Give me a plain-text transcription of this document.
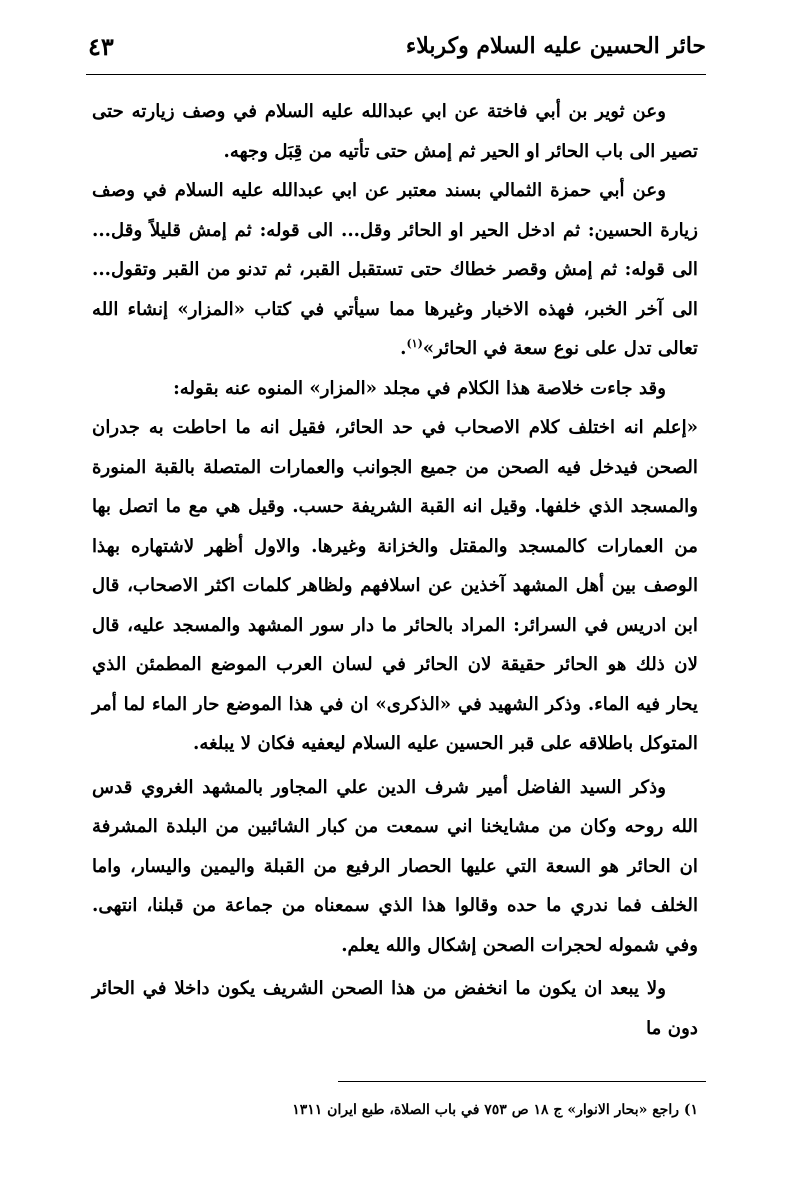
حائر الحسين عليه السلام وكربلاء
٤٣

وعن ثوير بن أبي فاختة عن ابي عبدالله عليه السلام في وصف زيارته حتى تصير الى باب الحائر او الحير ثم إمش حتى تأتيه من قِبَل وجهه.

وعن أبي حمزة الثمالي بسند معتبر عن ابي عبدالله عليه السلام في وصف زيارة الحسين: ثم ادخل الحير او الحائر وقل... الى قوله: ثم إمش قليلاً وقل... الى قوله: ثم إمش وقصر خطاك حتى تستقبل القبر، ثم تدنو من القبر وتقول... الى آخر الخبر، فهذه الاخبار وغيرها مما سيأتي في كتاب «المزار» إنشاء الله تعالى تدل على نوع سعة في الحائر»$^{(١)}$.

وقد جاءت خلاصة هذا الكلام في مجلد «المزار» المنوه عنه بقوله:

«إعلم انه اختلف كلام الاصحاب في حد الحائر، فقيل انه ما احاطت به جدران الصحن فيدخل فيه الصحن من جميع الجوانب والعمارات المتصلة بالقبة المنورة والمسجد الذي خلفها. وقيل انه القبة الشريفة حسب. وقيل هي مع ما اتصل بها من العمارات كالمسجد والمقتل والخزانة وغيرها. والاول أظهر لاشتهاره بهذا الوصف بين أهل المشهد آخذين عن اسلافهم ولظاهر كلمات اكثر الاصحاب، قال ابن ادريس في السرائر: المراد بالحائر ما دار سور المشهد والمسجد عليه، قال لان ذلك هو الحائر حقيقة لان الحائر في لسان العرب الموضع المطمئن الذي يحار فيه الماء. وذكر الشهيد في «الذكرى» ان في هذا الموضع حار الماء لما أمر المتوكل باطلاقه على قبر الحسين عليه السلام ليعفيه فكان لا يبلغه.

وذكر السيد الفاضل أمير شرف الدين علي المجاور بالمشهد الغروي قدس الله روحه وكان من مشايخنا اني سمعت من كبار الشائبين من البلدة المشرفة ان الحائر هو السعة التي عليها الحصار الرفيع من القبلة واليمين واليسار، واما الخلف فما ندري ما حده وقالوا هذا الذي سمعناه من جماعة من قبلنا، انتهى. وفي شموله لحجرات الصحن إشكال والله يعلم.

ولا يبعد ان يكون ما انخفض من هذا الصحن الشريف يكون داخلا في الحائر دون ما

١) راجع «بحار الانوار» ج ١٨ ص ٧٥٣ في باب الصلاة، طبع ايران ١٣١١
